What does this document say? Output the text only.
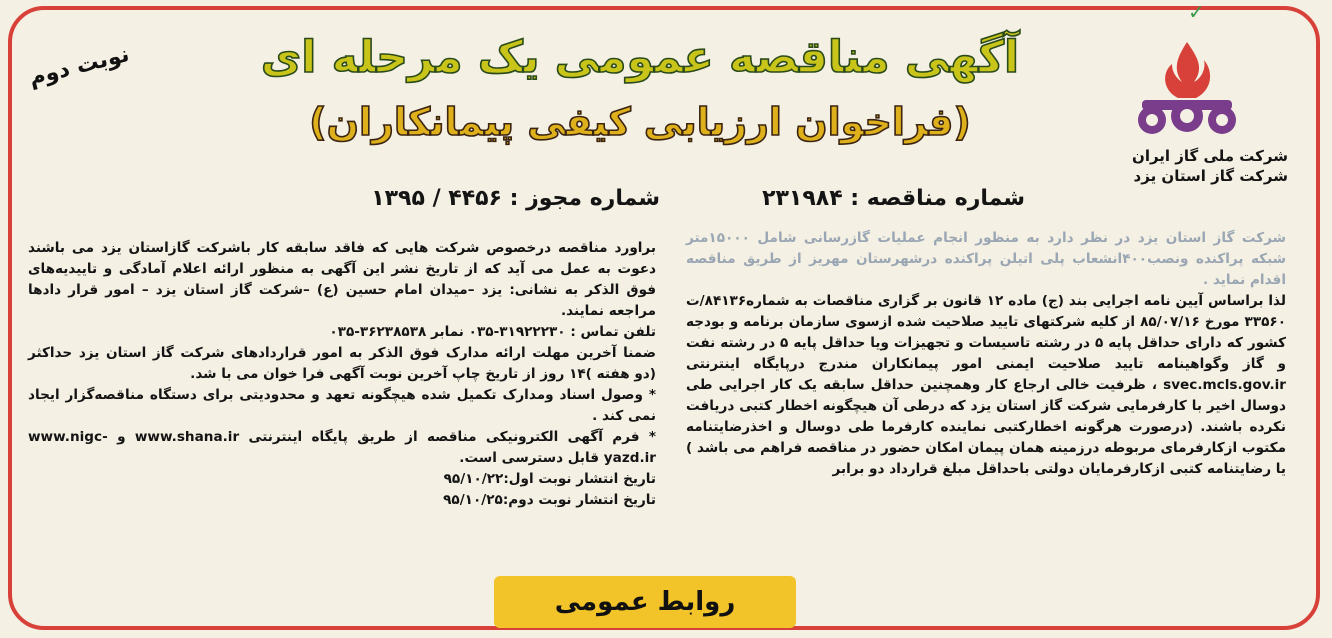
✓
شرکت ملی گاز ایران
شرکت گاز استان یزد
نوبت دوم	آگهی مناقصه عمومی یک مرحله ای
(فراخوان ارزیابی کیفی پیمانکاران)
شماره مناقصه : ۲۳۱۹۸۴
شماره مجوز : ۴۴۵۶ / ۱۳۹۵

شرکت گاز استان یزد در نظر دارد به منظور انجام عملیات گازرسانی شامل ۱۵۰۰۰متر شبکه پراکنده ونصب۴۰۰انشعاب پلی اتیلن پراکنده درشهرستان مهریز از طریق مناقصه اقدام نماید .

لذا براساس آیین نامه اجرایی بند (ج) ماده ۱۲ قانون بر گزاری مناقصات به شماره۸۴۱۳۶/ت ۳۳۵۶۰ مورخ ۸۵/۰۷/۱۶ از کلیه شرکتهای تایید صلاحیت شده ازسوی سازمان برنامه و بودجه کشور که دارای حداقل پایه ۵ در رشته تاسیسات و تجهیزات ویا حداقل پایه ۵ در رشته نفت و گاز وگواهینامه تایید صلاحیت ایمنی امور پیمانکاران مندرج درپایگاه اینترنتی svec.mcls.gov.ir ، ظرفیت خالی ارجاع کار وهمچنین حداقل سابقه یک کار اجرایی طی دوسال اخیر با کارفرمایی شرکت گاز استان یزد که درطی آن هیچگونه اخطار کتبی دریافت نکرده باشند. (درصورت هرگونه اخطارکتبی نماینده کارفرما طی دوسال و اخذرضایتنامه مکتوب ازکارفرمای مربوطه درزمینه همان پیمان امکان حضور در مناقصه فراهم می باشد ) یا رضایتنامه کتبی ازکارفرمایان دولتی باحداقل مبلغ قرارداد دو برابر

براورد مناقصه درخصوص شرکت هایی که فاقد سابقه کار باشرکت گازاستان یزد می باشند دعوت به عمل می آید که از تاریخ نشر این آگهی به منظور ارائه اعلام آمادگی و تاییدیه‌های فوق الذکر به نشانی: یزد –میدان امام حسین (ع) –شرکت گاز استان یزد – امور قرار دادها مراجعه نمایند.

تلفن تماس : ۳۱۹۲۲۲۳۰-۰۳۵ نمابر ۳۶۲۳۸۵۳۸-۰۳۵

ضمنا آخرین مهلت ارائه مدارک فوق الذکر به امور قراردادهای شرکت گاز استان یزد حداکثر (دو هفته )۱۴ روز از تاریخ چاپ آخرین نوبت آگهی فرا خوان می با شد.

* وصول اسناد ومدارک تکمیل شده هیچگونه تعهد و محدودیتی برای دستگاه مناقصه‌گزار ایجاد نمی کند .

* فرم آگهی الکترونیکی مناقصه از طریق پایگاه اینترنتی www.shana.ir و www.nigc-yazd.ir قابل دسترسی است.

تاریخ انتشار نوبت اول:۹۵/۱۰/۲۲

تاریخ انتشار نوبت دوم:۹۵/۱۰/۲۵

روابط عمومی
